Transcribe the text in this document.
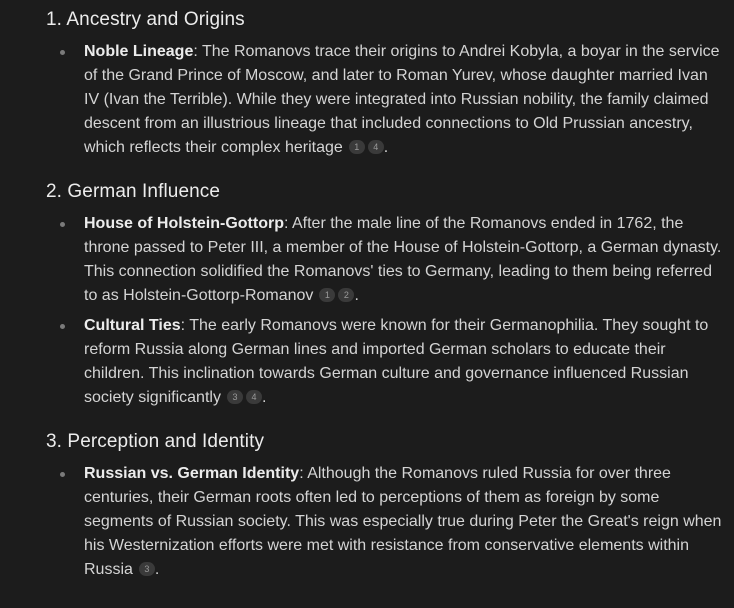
1. Ancestry and Origins
Noble Lineage: The Romanovs trace their origins to Andrei Kobyla, a boyar in the service of the Grand Prince of Moscow, and later to Roman Yurev, whose daughter married Ivan IV (Ivan the Terrible). While they were integrated into Russian nobility, the family claimed descent from an illustrious lineage that included connections to Old Prussian ancestry, which reflects their complex heritage 1 4 .
2. German Influence
House of Holstein-Gottorp: After the male line of the Romanovs ended in 1762, the throne passed to Peter III, a member of the House of Holstein-Gottorp, a German dynasty. This connection solidified the Romanovs' ties to Germany, leading to them being referred to as Holstein-Gottorp-Romanov 1 2 .
Cultural Ties: The early Romanovs were known for their Germanophilia. They sought to reform Russia along German lines and imported German scholars to educate their children. This inclination towards German culture and governance influenced Russian society significantly 3 4 .
3. Perception and Identity
Russian vs. German Identity: Although the Romanovs ruled Russia for over three centuries, their German roots often led to perceptions of them as foreign by some segments of Russian society. This was especially true during Peter the Great's reign when his Westernization efforts were met with resistance from conservative elements within Russia 3 .
